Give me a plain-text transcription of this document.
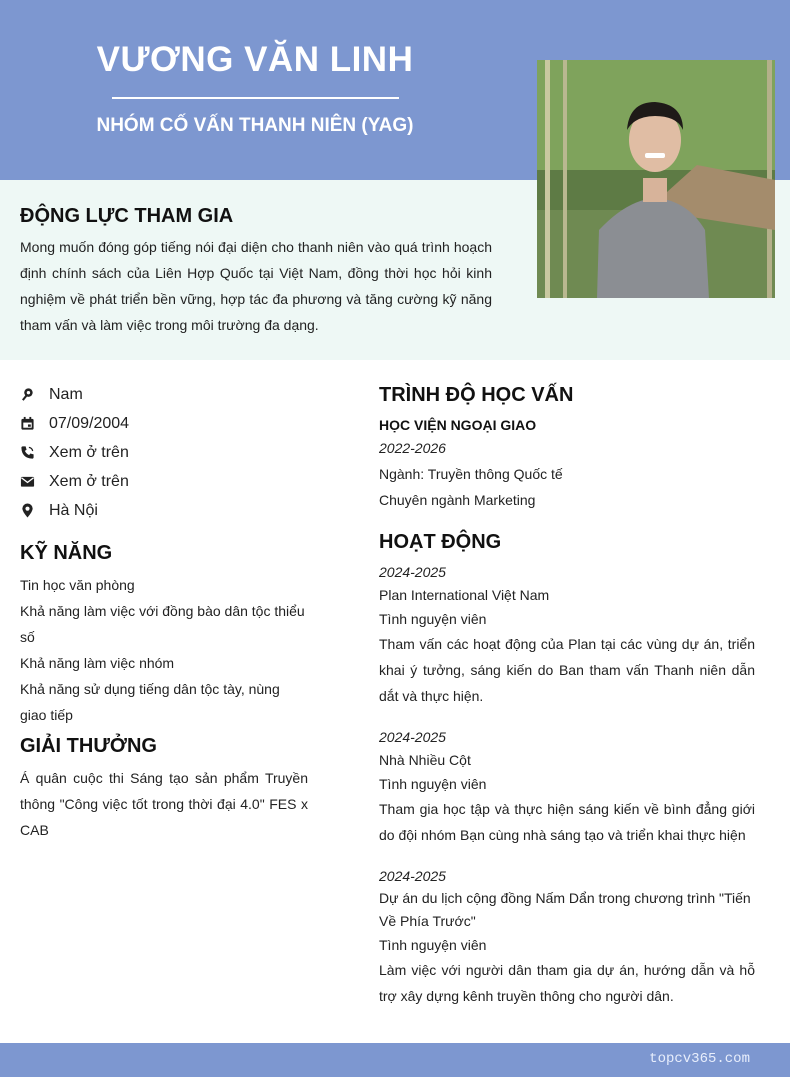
VƯƠNG VĂN LINH
NHÓM CỐ VẤN THANH NIÊN (YAG)
ĐỘNG LỰC THAM GIA
Mong muốn đóng góp tiếng nói đại diện cho thanh niên vào quá trình hoạch định chính sách của Liên Hợp Quốc tại Việt Nam, đồng thời học hỏi kinh nghiệm về phát triển bền vững, hợp tác đa phương và tăng cường kỹ năng tham vấn và làm việc trong môi trường đa dạng.
Nam
07/09/2004
Xem ở trên
Xem ở trên
Hà Nội
KỸ NĂNG
Tin học văn phòng
Khả năng làm việc với đồng bào dân tộc thiểu số
Khả năng làm việc nhóm
Khả năng sử dụng tiếng dân tộc tày, nùng giao tiếp
GIẢI THƯỞNG
Á quân cuộc thi Sáng tạo sản phẩm Truyền thông "Công việc tốt trong thời đại 4.0" FES x CAB
TRÌNH ĐỘ HỌC VẤN
HỌC VIỆN NGOẠI GIAO
2022-2026
Ngành: Truyền thông Quốc tế
Chuyên ngành Marketing
HOẠT ĐỘNG
2024-2025
Plan International Việt Nam
Tình nguyện viên
Tham vấn các hoạt động của Plan tại các vùng dự án, triển khai ý tưởng, sáng kiến do Ban tham vấn Thanh niên dẫn dắt và thực hiện.
2024-2025
Nhà Nhiều Cột
Tình nguyện viên
Tham gia học tập và thực hiện sáng kiến về bình đẳng giới do đội nhóm Bạn cùng nhà sáng tạo và triển khai thực hiện
2024-2025
Dự án du lịch cộng đồng Nấm Dẩn trong chương trình "Tiến Về Phía Trước"
Tình nguyện viên
Làm việc với người dân tham gia dự án, hướng dẫn và hỗ trợ xây dựng kênh truyền thông cho người dân.
topcv365.com
